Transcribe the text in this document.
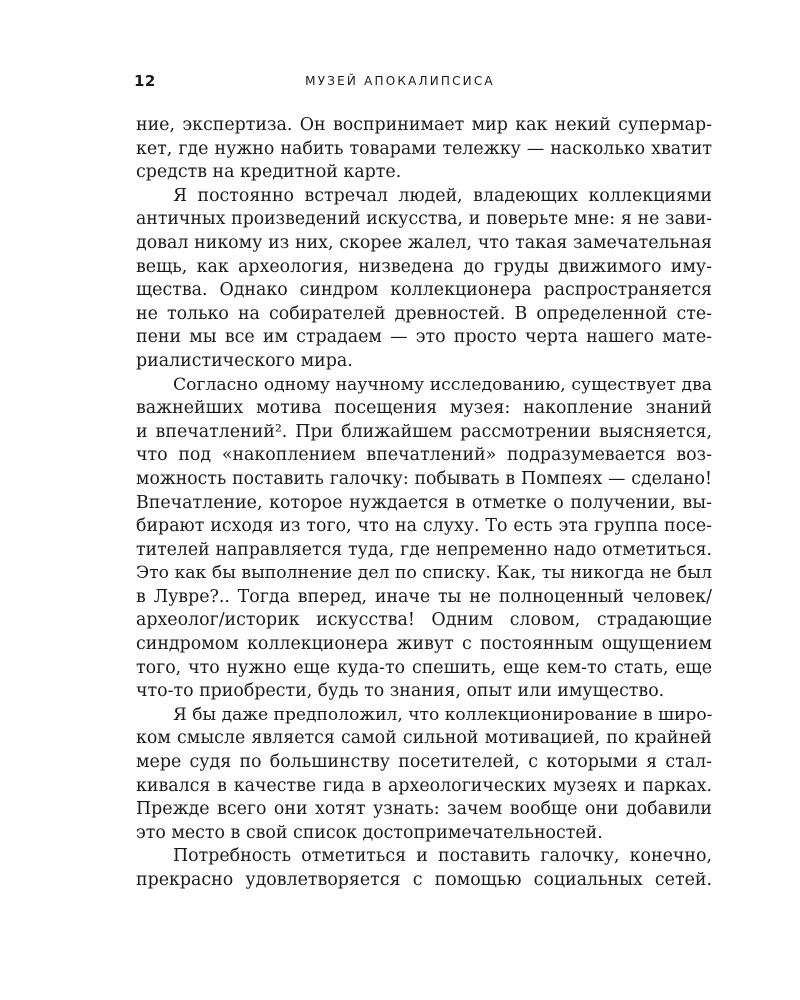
12	МУЗЕЙ АПОКАЛИПСИСА
ние, экспертиза. Он воспринимает мир как некий супермар-
кет, где нужно набить товарами тележку — насколько хватит
средств на кредитной карте.
Я постоянно встречал людей, владеющих коллекциями
античных произведений искусства, и поверьте мне: я не зави-
довал никому из них, скорее жалел, что такая замечательная
вещь, как археология, низведена до груды движимого иму-
щества. Однако синдром коллекционера распространяется
не только на собирателей древностей. В определенной сте-
пени мы все им страдаем — это просто черта нашего мате-
риалистического мира.
Согласно одному научному исследованию, существует два
важнейших мотива посещения музея: накопление знаний
и впечатлений². При ближайшем рассмотрении выясняется,
что под «накоплением впечатлений» подразумевается воз-
можность поставить галочку: побывать в Помпеях — сделано!
Впечатление, которое нуждается в отметке о получении, вы-
бирают исходя из того, что на слуху. То есть эта группа посе-
тителей направляется туда, где непременно надо отметиться.
Это как бы выполнение дел по списку. Как, ты никогда не был
в Лувре?.. Тогда вперед, иначе ты не полноценный человек/
археолог/историк искусства! Одним словом, страдающие
синдромом коллекционера живут с постоянным ощущением
того, что нужно еще куда-то спешить, еще кем-то стать, еще
что-то приобрести, будь то знания, опыт или имущество.
Я бы даже предположил, что коллекционирование в широ-
ком смысле является самой сильной мотивацией, по крайней
мере судя по большинству посетителей, с которыми я стал-
кивался в качестве гида в археологических музеях и парках.
Прежде всего они хотят узнать: зачем вообще они добавили
это место в свой список достопримечательностей.
Потребность отметиться и поставить галочку, конечно,
прекрасно удовлетворяется с помощью социальных сетей.
